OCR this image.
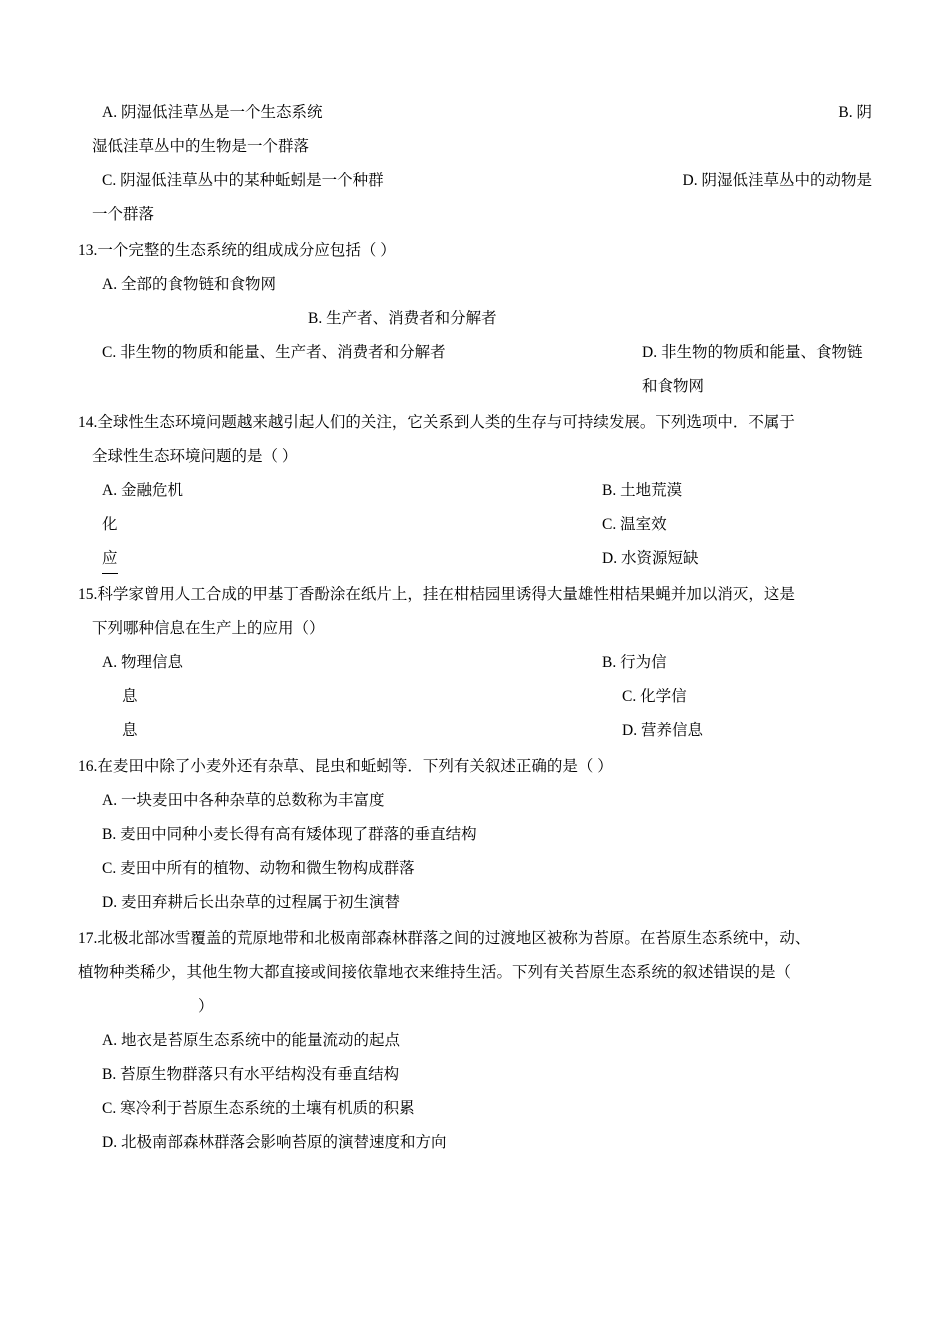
A. 阴湿低洼草丛是一个生态系统	B. 阴
湿低洼草丛中的生物是一个群落
C. 阴湿低洼草丛中的某种蚯蚓是一个种群	D. 阴湿低洼草丛中的动物是
一个群落
13.一个完整的生态系统的组成成分应包括（ ）
A. 全部的食物链和食物网
B. 生产者、消费者和分解者
C. 非生物的物质和能量、生产者、消费者和分解者	D. 非生物的物质和能量、食物链和食物网
14.全球性生态环境问题越来越引起人们的关注，它关系到人类的生存与可持续发展。下列选项中．不属于
全球性生态环境问题的是（ ）
A. 金融危机	B. 土地荒漠
化	C. 温室效
应	D. 水资源短缺
15.科学家曾用人工合成的甲基丁香酚涂在纸片上，挂在柑桔园里诱得大量雄性柑桔果蝇并加以消灭，这是
下列哪种信息在生产上的应用（）
A. 物理信息	B. 行为信
息	C. 化学信
息	D. 营养信息
16.在麦田中除了小麦外还有杂草、昆虫和蚯蚓等．下列有关叙述正确的是（ ）
A. 一块麦田中各种杂草的总数称为丰富度
B. 麦田中同种小麦长得有高有矮体现了群落的垂直结构
C. 麦田中所有的植物、动物和微生物构成群落
D. 麦田弃耕后长出杂草的过程属于初生演替
17.北极北部冰雪覆盖的荒原地带和北极南部森林群落之间的过渡地区被称为苔原。在苔原生态系统中，动、
植物种类稀少，其他生物大都直接或间接依靠地衣来维持生活。下列有关苔原生态系统的叙述错误的是（
）
A. 地衣是苔原生态系统中的能量流动的起点
B. 苔原生物群落只有水平结构没有垂直结构
C. 寒冷利于苔原生态系统的土壤有机质的积累
D. 北极南部森林群落会影响苔原的演替速度和方向
